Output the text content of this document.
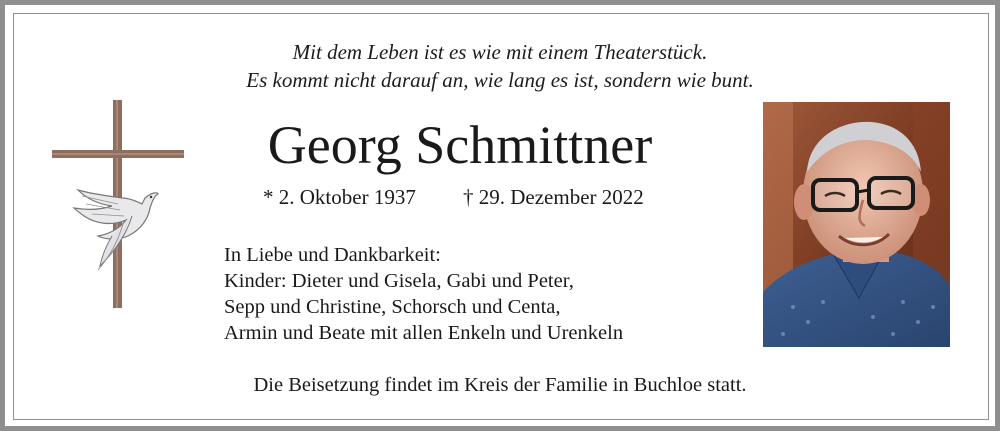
Mit dem Leben ist es wie mit einem Theaterstück.
Es kommt nicht darauf an, wie lang es ist, sondern wie bunt.
Georg Schmittner
* 2. Oktober 1937 † 29. Dezember 2022
In Liebe und Dankbarkeit:
Kinder: Dieter und Gisela, Gabi und Peter,
Sepp und Christine, Schorsch und Centa,
Armin und Beate mit allen Enkeln und Urenkeln
Die Beisetzung findet im Kreis der Familie in Buchloe statt.
